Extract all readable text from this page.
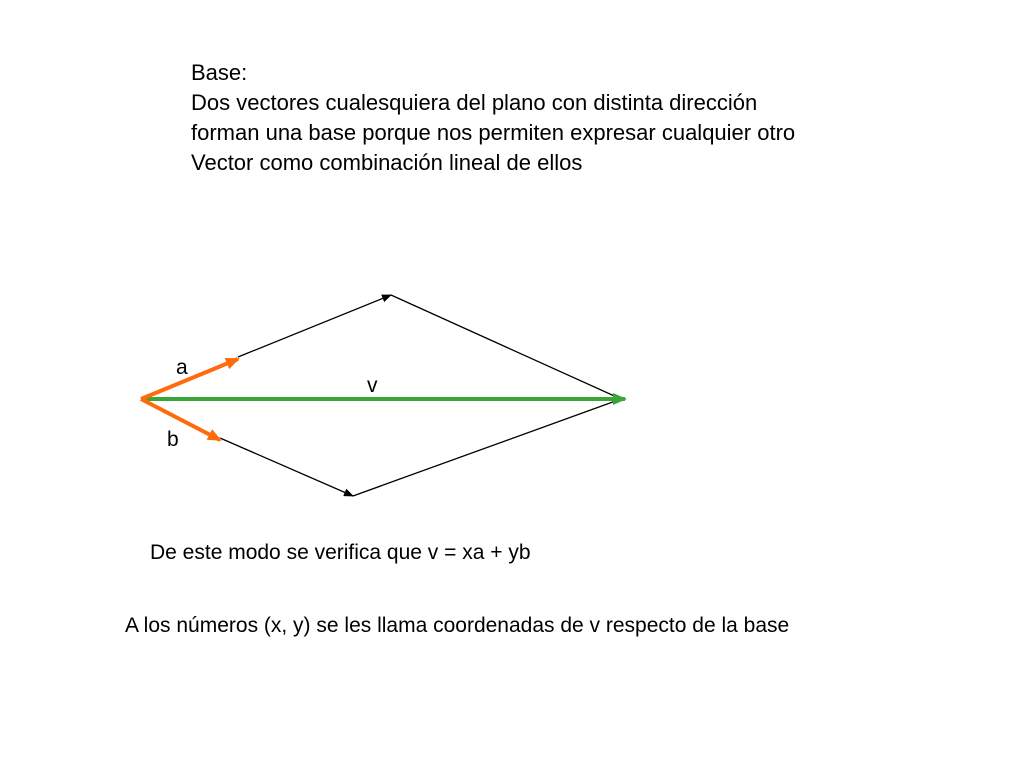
Base:
Dos vectores cualesquiera del plano con distinta dirección
forman una base porque nos permiten expresar cualquier otro
Vector como combinación lineal de ellos
a
v
b
De este modo se verifica que v = xa + yb
A los números (x, y) se les llama coordenadas de v respecto de la base
